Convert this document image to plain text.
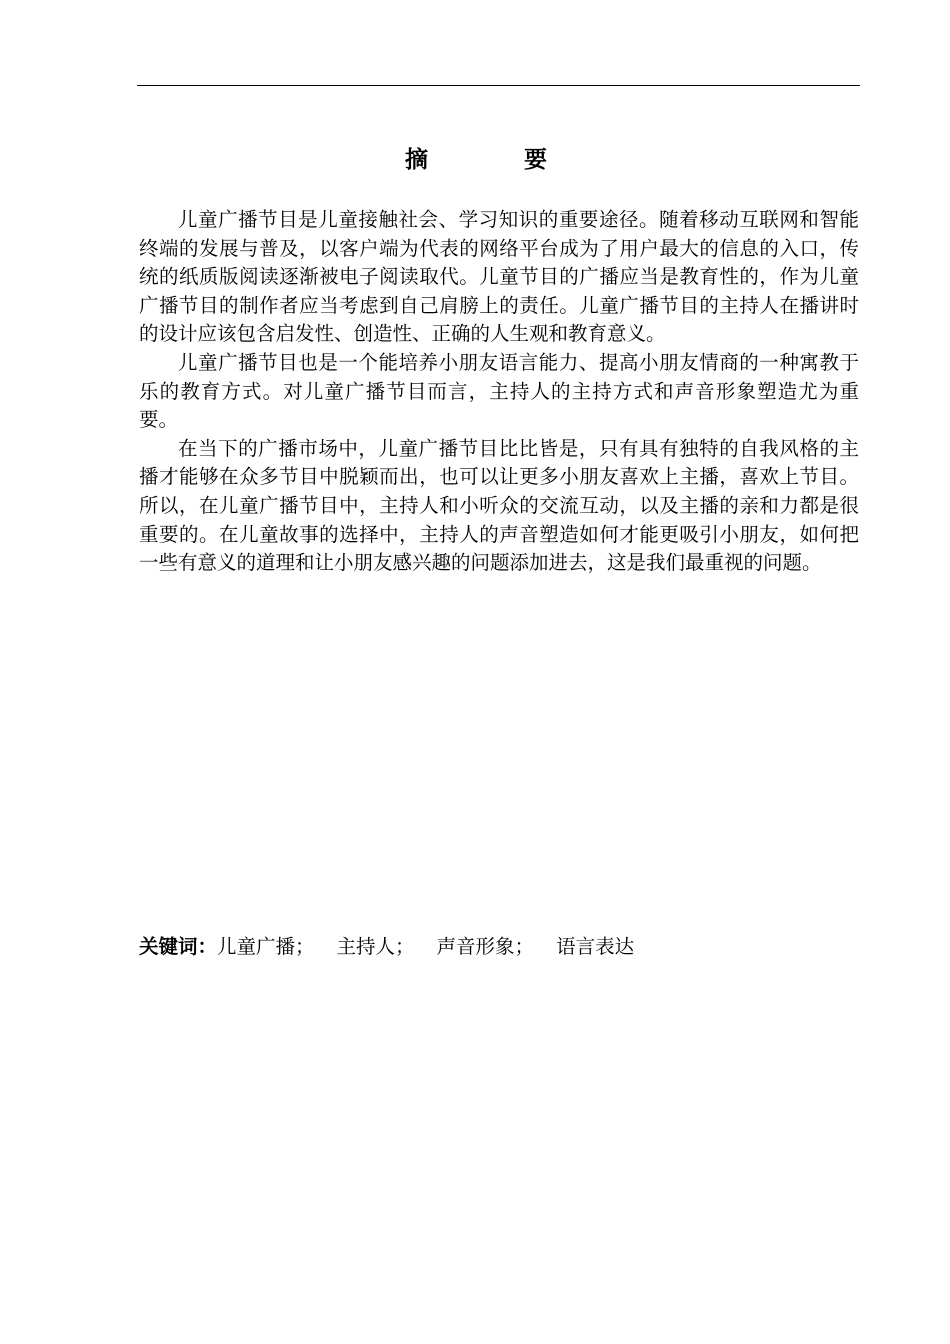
摘 要

儿童广播节目是儿童接触社会、学习知识的重要途径。随着移动互联网和智能终端的发展与普及，以客户端为代表的网络平台成为了用户最大的信息的入口，传统的纸质版阅读逐渐被电子阅读取代。儿童节目的广播应当是教育性的，作为儿童广播节目的制作者应当考虑到自己肩膀上的责任。儿童广播节目的主持人在播讲时的设计应该包含启发性、创造性、正确的人生观和教育意义。

儿童广播节目也是一个能培养小朋友语言能力、提高小朋友情商的一种寓教于乐的教育方式。对儿童广播节目而言，主持人的主持方式和声音形象塑造尤为重要。

在当下的广播市场中，儿童广播节目比比皆是，只有具有独特的自我风格的主播才能够在众多节目中脱颖而出，也可以让更多小朋友喜欢上主播，喜欢上节目。所以，在儿童广播节目中，主持人和小听众的交流互动，以及主播的亲和力都是很重要的。在儿童故事的选择中，主持人的声音塑造如何才能更吸引小朋友，如何把一些有意义的道理和让小朋友感兴趣的问题添加进去，这是我们最重视的问题。

关键词：儿童广播； 主持人； 声音形象； 语言表达
